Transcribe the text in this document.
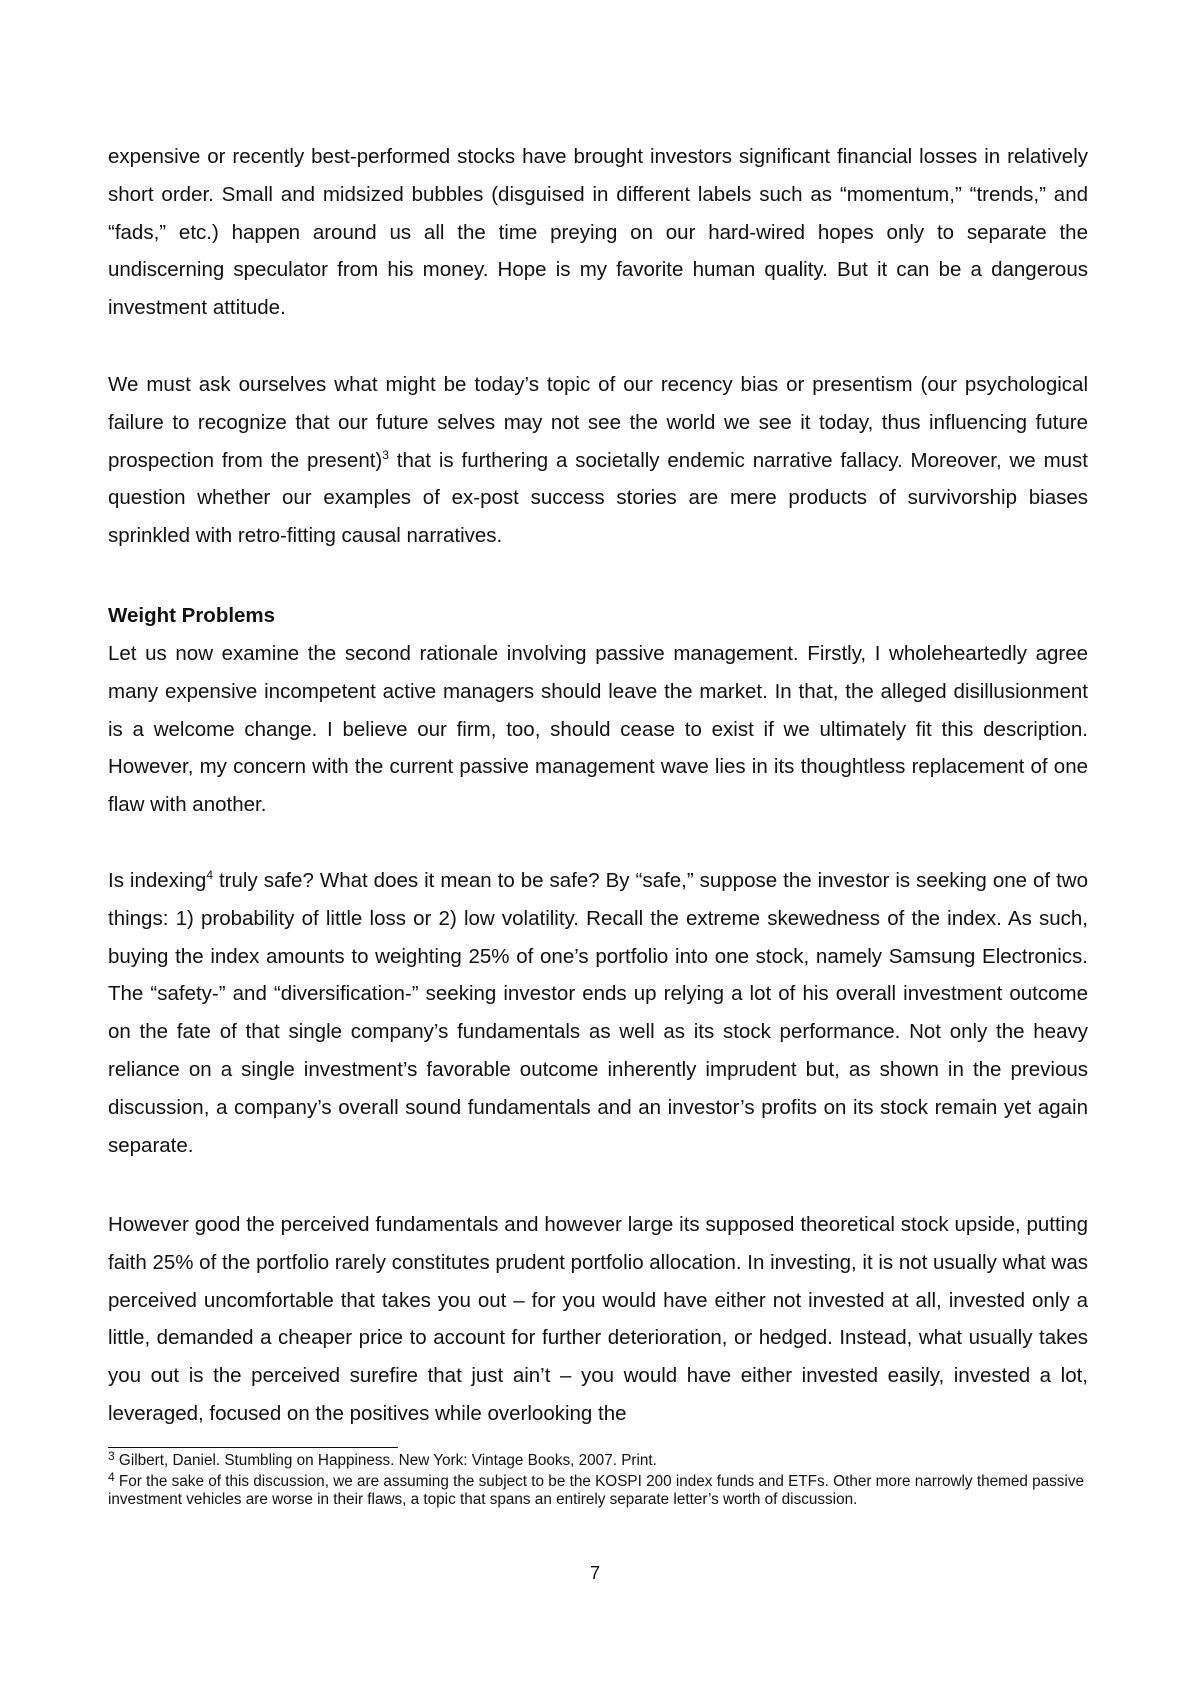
expensive or recently best-performed stocks have brought investors significant financial losses in relatively short order. Small and midsized bubbles (disguised in different labels such as “momentum,” “trends,” and “fads,” etc.) happen around us all the time preying on our hard-wired hopes only to separate the undiscerning speculator from his money. Hope is my favorite human quality. But it can be a dangerous investment attitude.
We must ask ourselves what might be today’s topic of our recency bias or presentism (our psychological failure to recognize that our future selves may not see the world we see it today, thus influencing future prospection from the present)$^3$ that is furthering a societally endemic narrative fallacy. Moreover, we must question whether our examples of ex-post success stories are mere products of survivorship biases sprinkled with retro-fitting causal narratives.
Weight Problems
Let us now examine the second rationale involving passive management. Firstly, I wholeheartedly agree many expensive incompetent active managers should leave the market. In that, the alleged disillusionment is a welcome change. I believe our firm, too, should cease to exist if we ultimately fit this description. However, my concern with the current passive management wave lies in its thoughtless replacement of one flaw with another.
Is indexing$^4$ truly safe? What does it mean to be safe? By “safe,” suppose the investor is seeking one of two things: 1) probability of little loss or 2) low volatility. Recall the extreme skewedness of the index. As such, buying the index amounts to weighting 25% of one’s portfolio into one stock, namely Samsung Electronics. The “safety-” and “diversification-” seeking investor ends up relying a lot of his overall investment outcome on the fate of that single company’s fundamentals as well as its stock performance. Not only the heavy reliance on a single investment’s favorable outcome inherently imprudent but, as shown in the previous discussion, a company’s overall sound fundamentals and an investor’s profits on its stock remain yet again separate.
However good the perceived fundamentals and however large its supposed theoretical stock upside, putting faith 25% of the portfolio rarely constitutes prudent portfolio allocation. In investing, it is not usually what was perceived uncomfortable that takes you out – for you would have either not invested at all, invested only a little, demanded a cheaper price to account for further deterioration, or hedged. Instead, what usually takes you out is the perceived surefire that just ain’t – you would have either invested easily, invested a lot, leveraged, focused on the positives while overlooking the
$^3$ Gilbert, Daniel. Stumbling on Happiness. New York: Vintage Books, 2007. Print.
$^4$ For the sake of this discussion, we are assuming the subject to be the KOSPI 200 index funds and ETFs. Other more narrowly themed passive investment vehicles are worse in their flaws, a topic that spans an entirely separate letter’s worth of discussion.
7
